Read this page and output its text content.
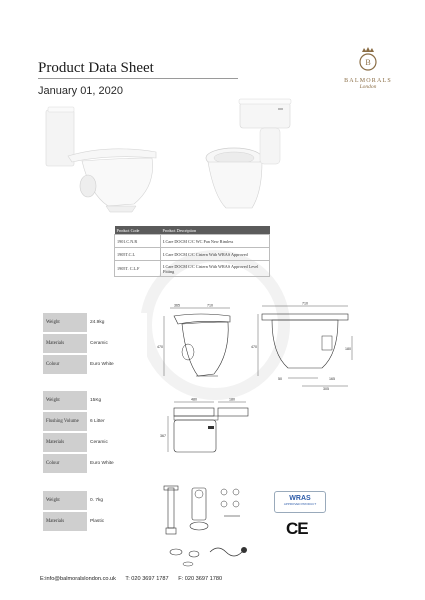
Product Data Sheet
January 01, 2020
B
BALMORALS
London
Product Code	Product Description
1901.C.N.R	I.Care DOCM C/C WC Pan New Rimless
1905T.C.L	I.Care DOCM C/C Cistern With WRAS Approved
1905T. C.L.F	I.Care DOCM C/C Cistern With WRAS Approved Level Fitting
Weight	24.9kg
Materials	Ceramic
Colour	Euro White
Weight	15Kg
Flushing Volume	6 Litter
Materials	Ceramic
Colour	Euro White
Weight	0. 7kg
Materials	Plastic
365	710
470
710
470	180
50	165
305
480	180
367
WRAS
APPROVED PRODUCT
CE
E:info@balmoralslondon.co.uk T: 020 3697 1787 F: 020 3697 1780
